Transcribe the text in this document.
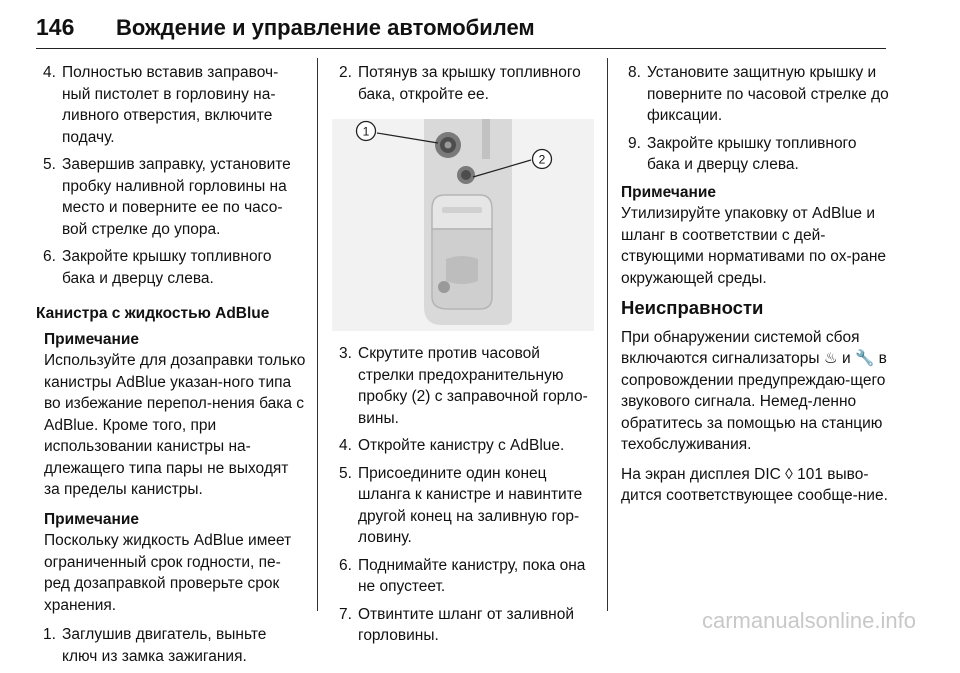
146 Вождение и управление автомобилем
4. Полностью вставив заправоч-ный пистолет в горловину на-ливного отверстия, включите подачу.
5. Завершив заправку, установите пробку наливной горловины на место и поверните ее по часо-вой стрелке до упора.
6. Закройте крышку топливного бака и дверцу слева.
Канистра с жидкостью AdBlue
Примечание
Используйте для дозаправки только канистры AdBlue указан-ного типа во избежание перепол-нения бака с AdBlue. Кроме того, при использовании канистры на-длежащего типа пары не выходят за пределы канистры.
Примечание
Поскольку жидкость AdBlue имеет ограниченный срок годности, пе-ред дозаправкой проверьте срок хранения.
1. Заглушив двигатель, выньте ключ из замка зажигания.
2. Потянув за крышку топливного бака, откройте ее.
1
2
3. Скрутите против часовой стрелки предохранительную пробку (2) с заправочной горло-вины.
4. Откройте канистру с AdBlue.
5. Присоедините один конец шланга к канистре и навинтите другой конец на заливную гор-ловину.
6. Поднимайте канистру, пока она не опустеет.
7. Отвинтите шланг от заливной горловины.
8. Установите защитную крышку и поверните по часовой стрелке до фиксации.
9. Закройте крышку топливного бака и дверцу слева.
Примечание
Утилизируйте упаковку от AdBlue и шланг в соответствии с дей-ствующими нормативами по ох-ране окружающей среды.
Неисправности
При обнаружении системой сбоя включаются сигнализаторы ♨ и 🔧 в сопровождении предупреждаю-щего звукового сигнала. Немед-ленно обратитесь за помощью на станцию техобслуживания.
На экран дисплея DIC ◊ 101 выво-дится соответствующее сообще-ние.
carmanualsonline.info
